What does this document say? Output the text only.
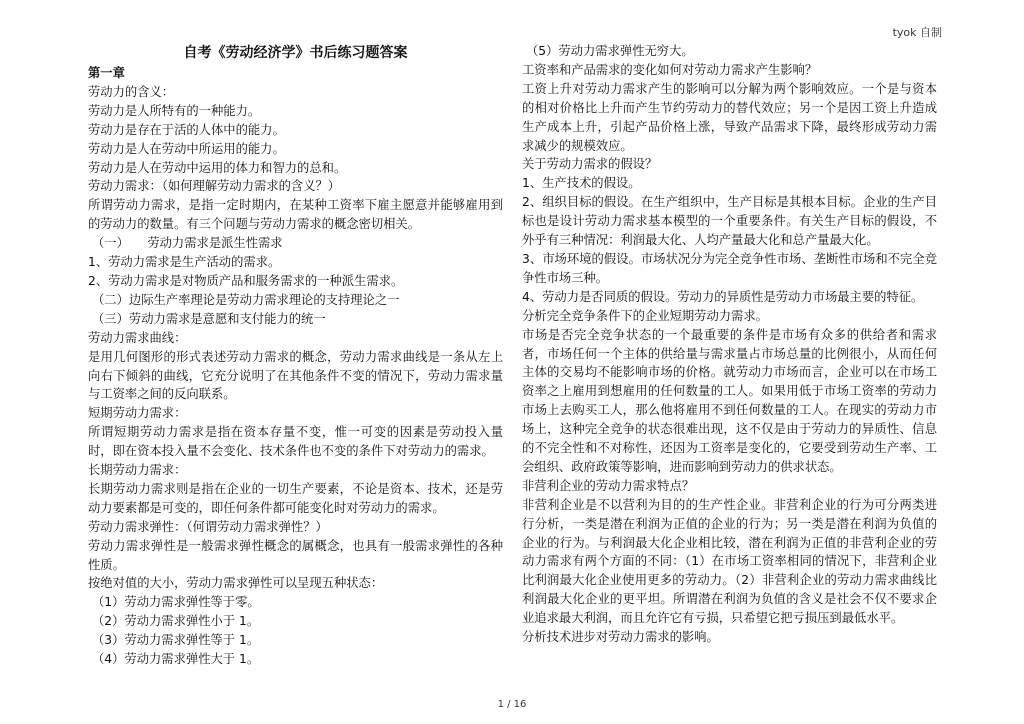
tyok 自制

自考《劳动经济学》书后练习题答案

第一章

劳动力的含义：

劳动力是人所特有的一种能力。

劳动力是存在于活的人体中的能力。

劳动力是人在劳动中所运用的能力。

劳动力是人在劳动中运用的体力和智力的总和。

劳动力需求：（如何理解劳动力需求的含义？）

所谓劳动力需求，是指一定时期内，在某种工资率下雇主愿意并能够雇用到的劳动力的数量。有三个问题与劳动力需求的概念密切相关。

（一）　　劳动力需求是派生性需求

1、劳动力需求是生产活动的需求。

2、劳动力需求是对物质产品和服务需求的一种派生需求。

（二）边际生产率理论是劳动力需求理论的支持理论之一

（三）劳动力需求是意愿和支付能力的统一

劳动力需求曲线：

是用几何图形的形式表述劳动力需求的概念，劳动力需求曲线是一条从左上向右下倾斜的曲线，它充分说明了在其他条件不变的情况下，劳动力需求量与工资率之间的反向联系。

短期劳动力需求：

所谓短期劳动力需求是指在资本存量不变，惟一可变的因素是劳动投入量时，即在资本投入量不会变化、技术条件也不变的条件下对劳动力的需求。

长期劳动力需求：

长期劳动力需求则是指在企业的一切生产要素，不论是资本、技术，还是劳动力要素都是可变的，即任何条件都可能变化时对劳动力的需求。

劳动力需求弹性：（何谓劳动力需求弹性？）

劳动力需求弹性是一般需求弹性概念的属概念，也具有一般需求弹性的各种性质。

按绝对值的大小，劳动力需求弹性可以呈现五种状态：

（1）劳动力需求弹性等于零。

（2）劳动力需求弹性小于 1。

（3）劳动力需求弹性等于 1。

（4）劳动力需求弹性大于 1。

（5）劳动力需求弹性无穷大。

工资率和产品需求的变化如何对劳动力需求产生影响？

工资上升对劳动力需求产生的影响可以分解为两个影响效应。一个是与资本的相对价格比上升而产生节约劳动力的替代效应；另一个是因工资上升造成生产成本上升，引起产品价格上涨，导致产品需求下降，最终形成劳动力需求减少的规模效应。

关于劳动力需求的假设？

1、生产技术的假设。

2、组织目标的假设。在生产组织中，生产目标是其根本目标。企业的生产目标也是设计劳动力需求基本模型的一个重要条件。有关生产目标的假设，不外乎有三种情况：利润最大化、人均产量最大化和总产量最大化。

3、市场环境的假设。市场状况分为完全竞争性市场、垄断性市场和不完全竞争性市场三种。

4、劳动力是否同质的假设。劳动力的异质性是劳动力市场最主要的特征。

分析完全竞争条件下的企业短期劳动力需求。

市场是否完全竞争状态的一个最重要的条件是市场有众多的供给者和需求者，市场任何一个主体的供给量与需求量占市场总量的比例很小，从而任何主体的交易均不能影响市场的价格。就劳动力市场而言，企业可以在市场工资率之上雇用到想雇用的任何数量的工人。如果用低于市场工资率的劳动力市场上去购买工人，那么他将雇用不到任何数量的工人。在现实的劳动力市场上，这种完全竞争的状态很难出现，这不仅是由于劳动力的异质性、信息的不完全性和不对称性，还因为工资率是变化的，它要受到劳动生产率、工会组织、政府政策等影响，进而影响到劳动力的供求状态。

非营利企业的劳动力需求特点？

非营利企业是不以营利为目的的生产性企业。非营利企业的行为可分两类进行分析，一类是潜在利润为正值的企业的行为；另一类是潜在利润为负值的企业的行为。与利润最大化企业相比较，潜在利润为正值的非营利企业的劳动力需求有两个方面的不同：（1）在市场工资率相同的情况下，非营利企业比利润最大化企业使用更多的劳动力。（2）非营利企业的劳动力需求曲线比利润最大化企业的更平坦。所谓潜在利润为负值的含义是社会不仅不要求企业追求最大利润，而且允许它有亏损，只希望它把亏损压到最低水平。

分析技术进步对劳动力需求的影响。

1 / 16
